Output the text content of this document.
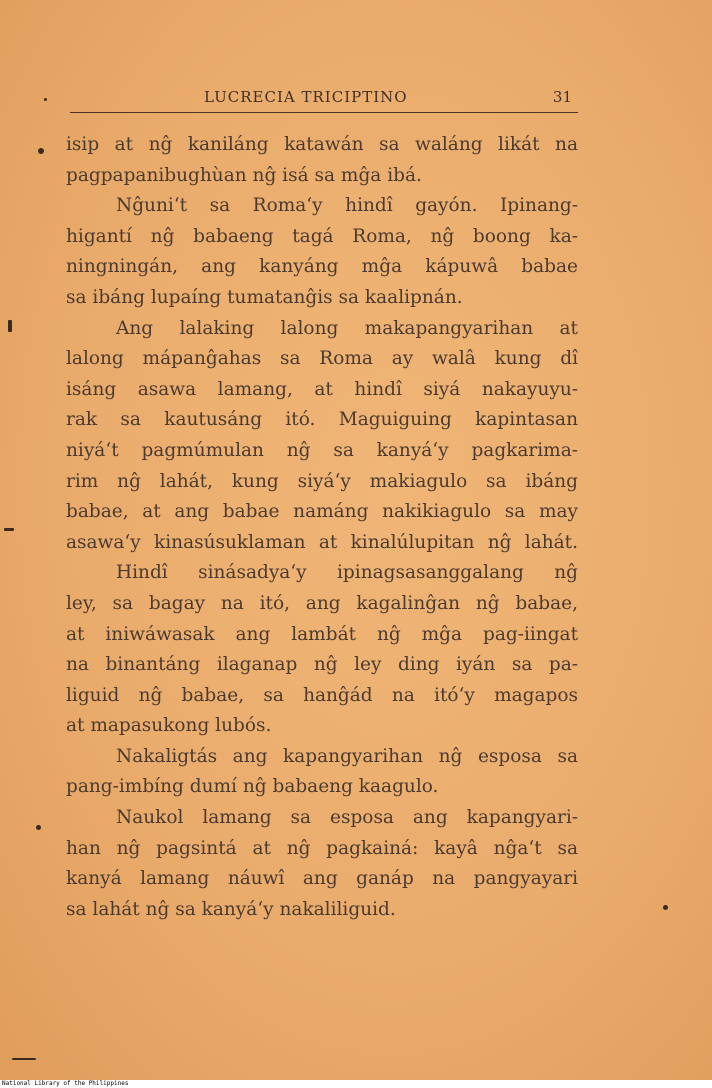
LUCRECIA TRICIPTINO	31
isip at nĝ kaniláng katawán sa waláng likát na
pagpapanibughùan nĝ isá sa mĝa ibá.
Nĝuni‘t sa Roma‘y hindî gayón. Ipinang-
higantí nĝ babaeng tagá Roma, nĝ boong ka-
ningningán, ang kanyáng mĝa kápuwâ babae
sa ibáng lupaíng tumatanĝis sa kaalipnán.
Ang lalaking lalong makapangyarihan at
lalong mápanĝahas sa Roma ay walâ kung dî
isáng asawa lamang, at hindî siyá nakayuyu-
rak sa kautusáng itó. Maguiguing kapintasan
niyá‘t pagmúmulan nĝ sa kanyá‘y pagkarima-
rim nĝ lahát, kung siyá‘y makiagulo sa ibáng
babae, at ang babae namáng nakikiagulo sa may
asawa‘y kinasúsuklaman at kinalúlupitan nĝ lahát.
Hindî sinásadya‘y ipinagsasanggalang nĝ
ley, sa bagay na itó, ang kagalinĝan nĝ babae,
at iniwáwasak ang lambát nĝ mĝa pag-iingat
na binantáng ilaganap nĝ ley ding iyán sa pa-
liguid nĝ babae, sa hanĝád na itó‘y magapos
at mapasukong lubós.
Nakaligtás ang kapangyarihan nĝ esposa sa
pang-imbíng dumí nĝ babaeng kaagulo.
Naukol lamang sa esposa ang kapangyari-
han nĝ pagsintá at nĝ pagkainá: kayâ nĝa‘t sa
kanyá lamang náuwî ang ganáp na pangyayari
sa lahát nĝ sa kanyá‘y nakaliliguid.
National Library of the Philippines
